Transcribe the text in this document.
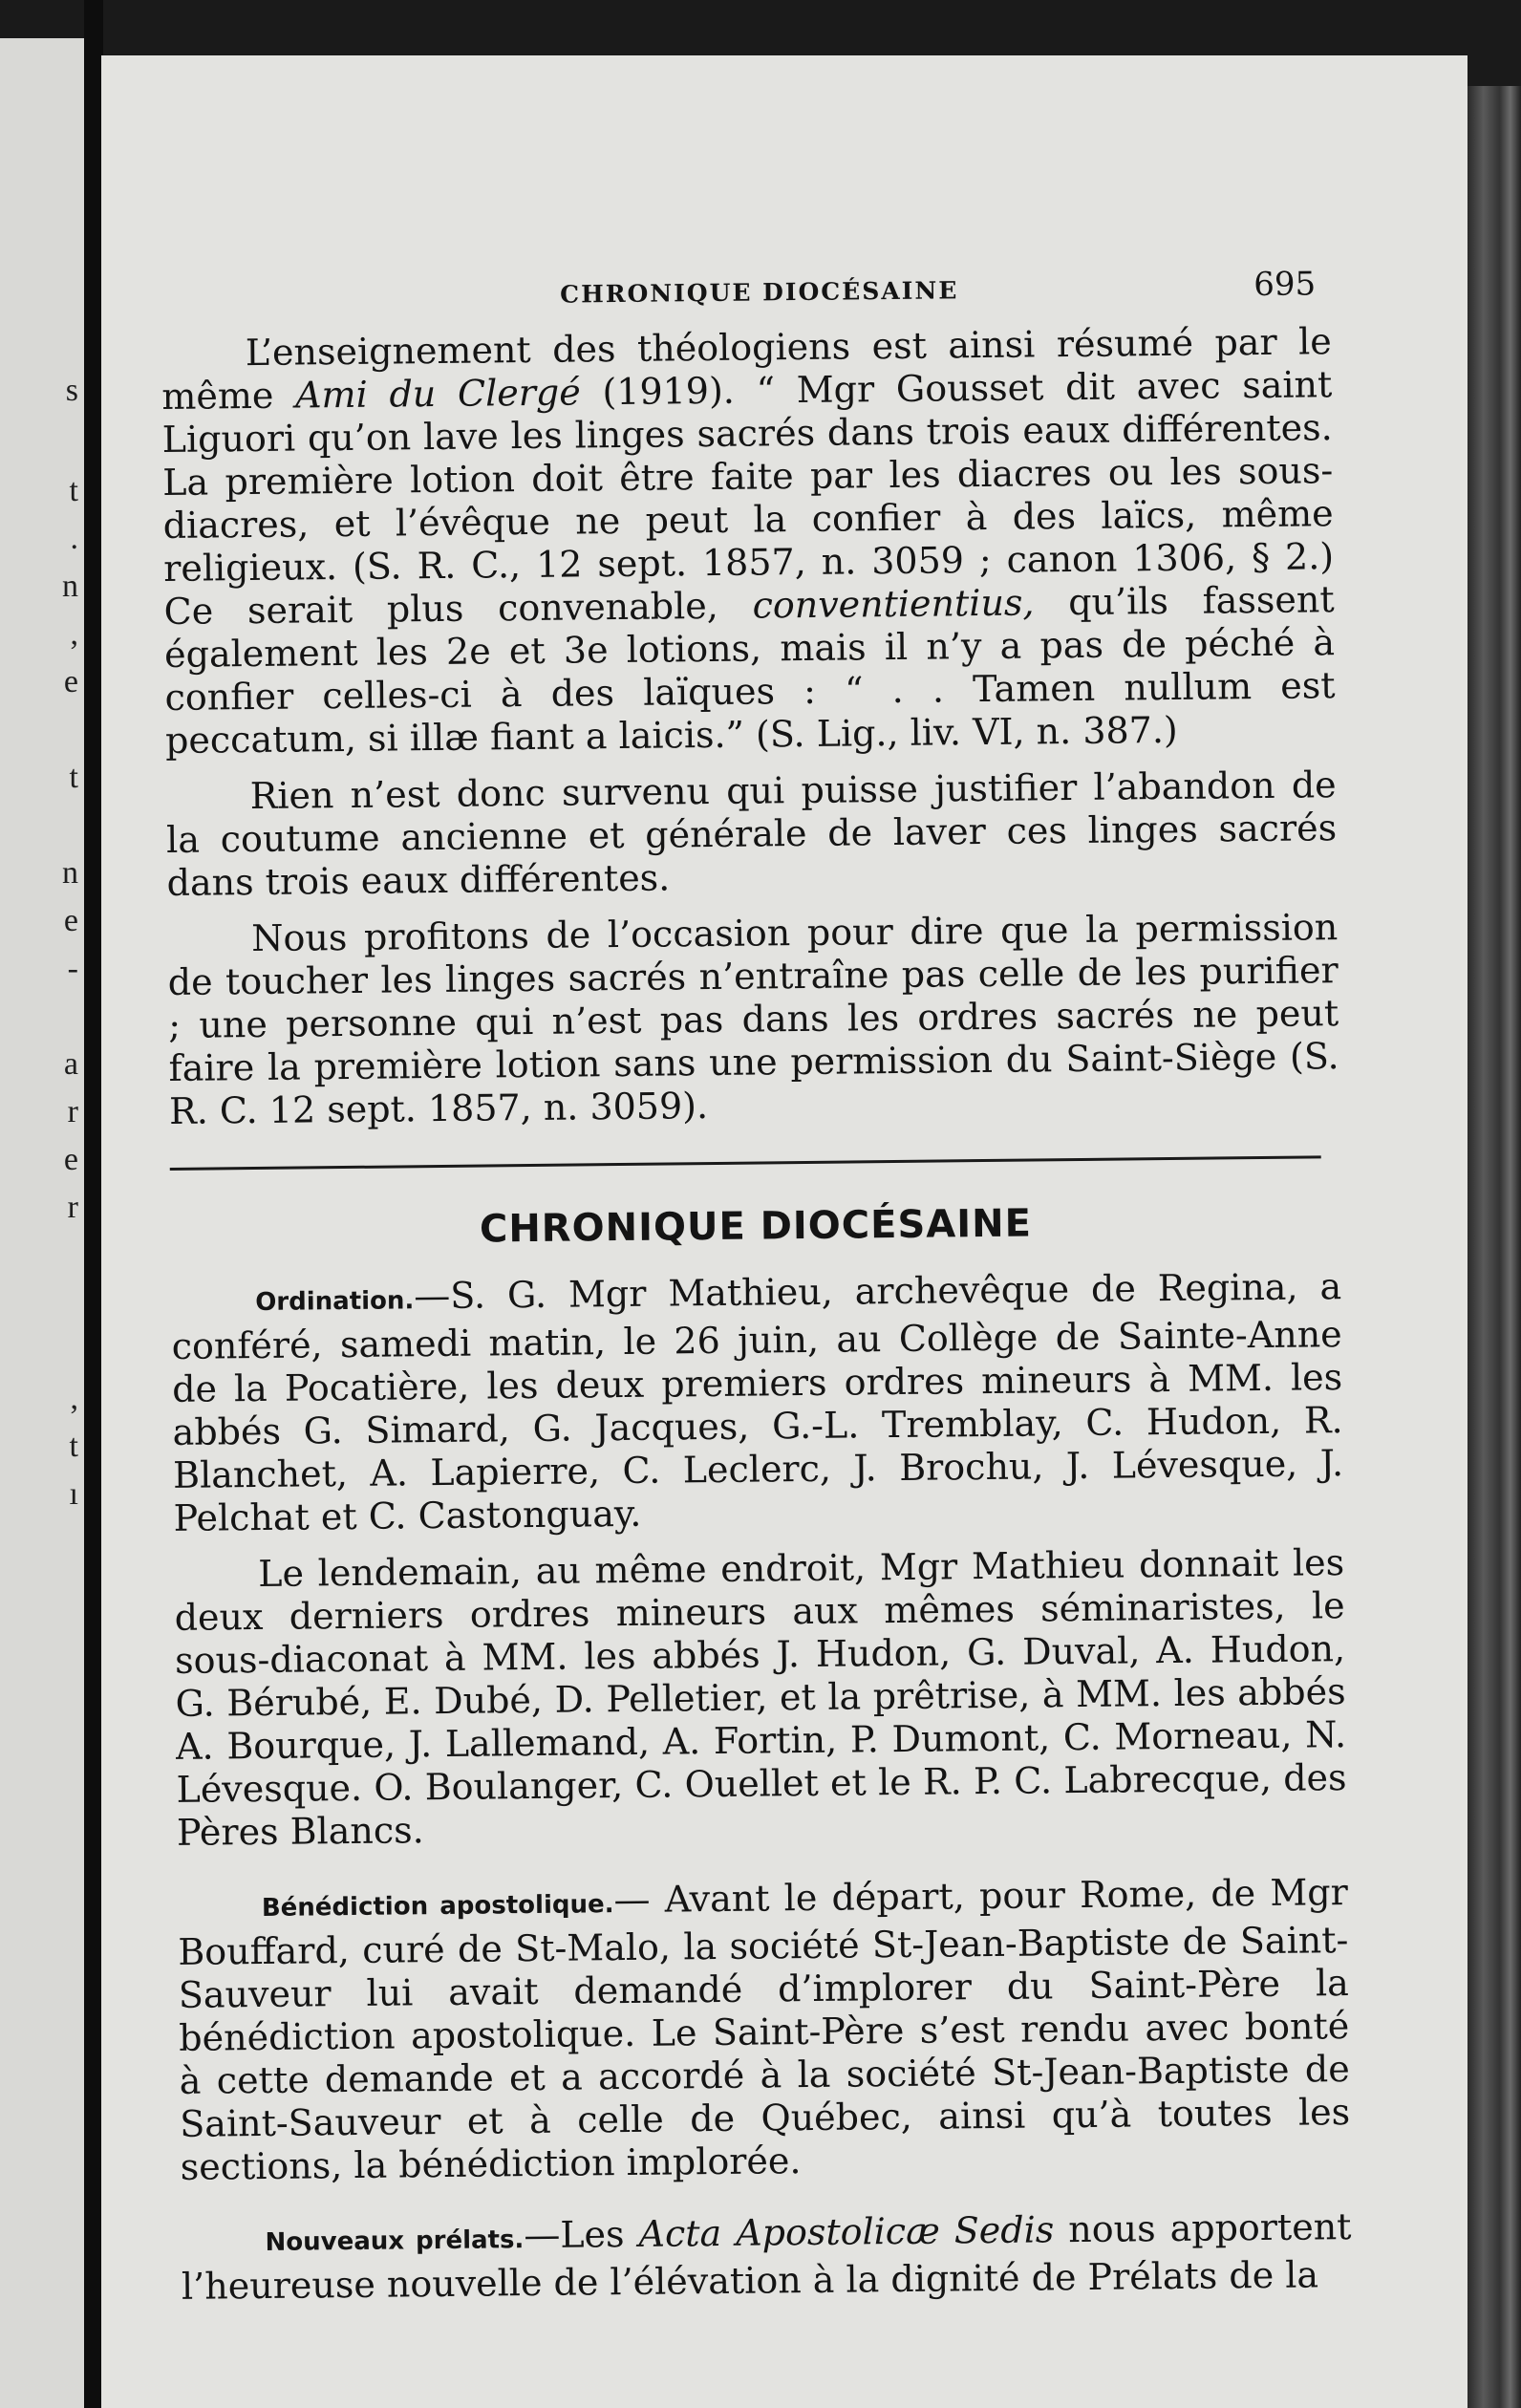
s
t
.
n
,
e
t
n
e
-
a
r
e
r
,
t
ı
CHRONIQUE DIOCÉSAINE	695

L’enseignement des théologiens est ainsi résumé par le même Ami du Clergé (1919). “ Mgr Gousset dit avec saint Liguori qu’on lave les linges sacrés dans trois eaux différentes. La première lotion doit être faite par les diacres ou les sous-diacres, et l’évêque ne peut la confier à des laïcs, même religieux. (S. R. C., 12 sept. 1857, n. 3059 ; canon 1306, § 2.) Ce serait plus convenable, conventientius, qu’ils fassent également les 2e et 3e lotions, mais il n’y a pas de péché à confier celles-ci à des laïques : “ . . Tamen nullum est peccatum, si illæ fiant a laicis.” (S. Lig., liv. VI, n. 387.)

Rien n’est donc survenu qui puisse justifier l’abandon de la coutume ancienne et générale de laver ces linges sacrés dans trois eaux différentes.

Nous profitons de l’occasion pour dire que la permission de toucher les linges sacrés n’entraîne pas celle de les purifier ; une personne qui n’est pas dans les ordres sacrés ne peut faire la première lotion sans une permission du Saint-Siège (S. R. C. 12 sept. 1857, n. 3059).

CHRONIQUE DIOCÉSAINE

Ordination.—S. G. Mgr Mathieu, archevêque de Regina, a conféré, samedi matin, le 26 juin, au Collège de Sainte-Anne de la Pocatière, les deux premiers ordres mineurs à MM. les abbés G. Simard, G. Jacques, G.-L. Tremblay, C. Hudon, R. Blanchet, A. Lapierre, C. Leclerc, J. Brochu, J. Lévesque, J. Pelchat et C. Castonguay.

Le lendemain, au même endroit, Mgr Mathieu donnait les deux derniers ordres mineurs aux mêmes séminaristes, le sous-diaconat à MM. les abbés J. Hudon, G. Duval, A. Hudon, G. Bérubé, E. Dubé, D. Pelletier, et la prêtrise, à MM. les abbés A. Bourque, J. Lallemand, A. Fortin, P. Dumont, C. Morneau, N. Lévesque. O. Boulanger, C. Ouellet et le R. P. C. Labrecque, des Pères Blancs.

Bénédiction apostolique.— Avant le départ, pour Rome, de Mgr Bouffard, curé de St-Malo, la société St-Jean-Baptiste de Saint-Sauveur lui avait demandé d’implorer du Saint-Père la bénédiction apostolique. Le Saint-Père s’est rendu avec bonté à cette demande et a accordé à la société St-Jean-Baptiste de Saint-Sauveur et à celle de Québec, ainsi qu’à toutes les sections, la bénédiction implorée.

Nouveaux prélats.—Les Acta Apostolicæ Sedis nous apportent l’heureuse nouvelle de l’élévation à la dignité de Prélats de la
